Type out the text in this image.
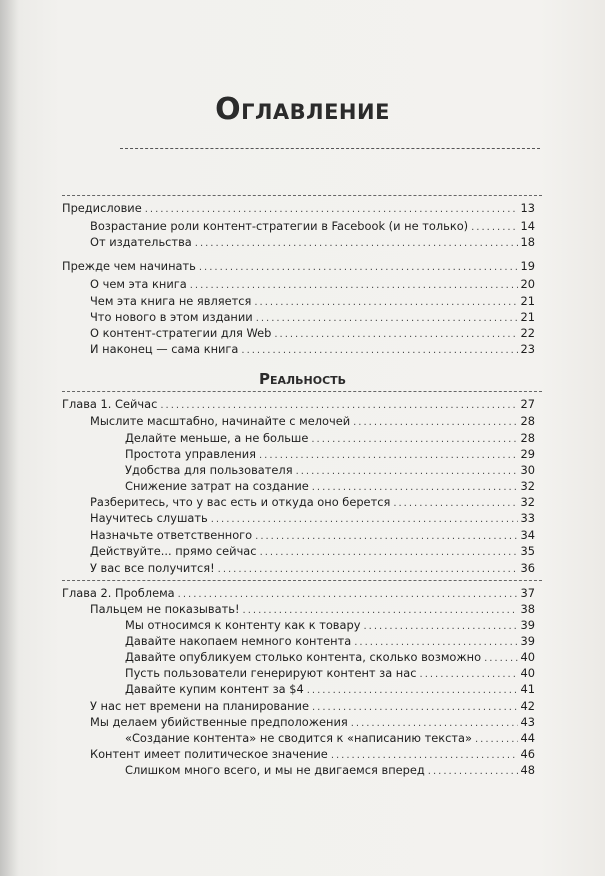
Оглавление
Реальность
Предисловие .....	13
Возрастание роли контент-стратегии в Facebook (и не только) .....	14
От издательства .....	18
Прежде чем начинать .....	19
О чем эта книга .....	20
Чем эта книга не является .....	21
Что нового в этом издании .....	21
О контент-стратегии для Web .....	22
И наконец — сама книга .....	23
Глава 1. Сейчас .....	27
Мыслите масштабно, начинайте с мелочей .....	28
Делайте меньше, а не больше .....	28
Простота управления .....	29
Удобства для пользователя .....	30
Снижение затрат на создание .....	32
Разберитесь, что у вас есть и откуда оно берется .....	32
Научитесь слушать .....	33
Назначьте ответственного .....	34
Действуйте... прямо сейчас .....	35
У вас все получится! .....	36
Глава 2. Проблема .....	37
Пальцем не показывать! .....	38
Мы относимся к контенту как к товару .....	39
Давайте накопаем немного контента .....	39
Давайте опубликуем столько контента, сколько возможно .....	40
Пусть пользователи генерируют контент за нас .....	40
Давайте купим контент за $4 .....	41
У нас нет времени на планирование .....	42
Мы делаем убийственные предположения .....	43
«Создание контента» не сводится к «написанию текста» .....	44
Контент имеет политическое значение .....	46
Слишком много всего, и мы не двигаемся вперед .....	48
